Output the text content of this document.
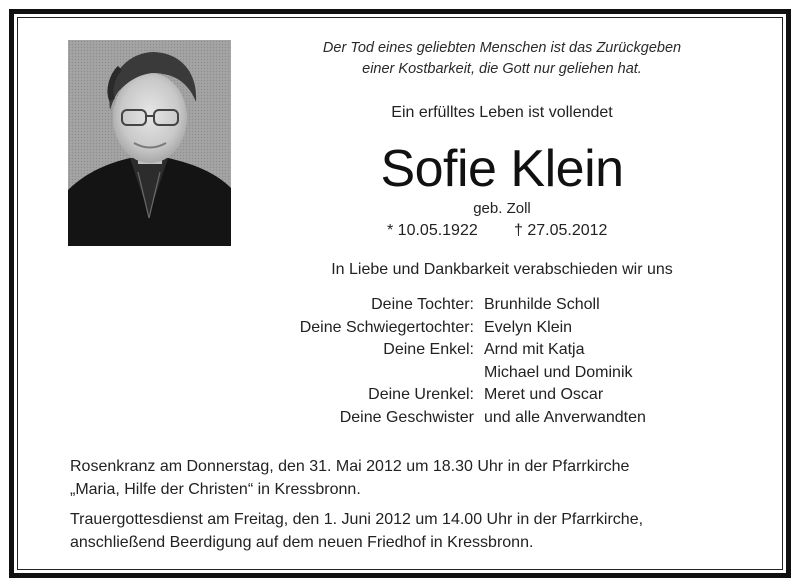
Der Tod eines geliebten Menschen ist das Zurückgeben
einer Kostbarkeit, die Gott nur geliehen hat.
Ein erfülltes Leben ist vollendet
Sofie Klein
geb. Zoll
* 10.05.1922 † 27.05.2012
In Liebe und Dankbarkeit verabschieden wir uns
Deine Tochter: Brunhilde Scholl
Deine Schwiegertochter: Evelyn Klein
Deine Enkel: Arnd mit Katja
Michael und Dominik
Deine Urenkel: Meret und Oscar
Deine Geschwister und alle Anverwandten
Rosenkranz am Donnerstag, den 31. Mai 2012 um 18.30 Uhr in der Pfarrkirche
„Maria, Hilfe der Christen“ in Kressbronn.
Trauergottesdienst am Freitag, den 1. Juni 2012 um 14.00 Uhr in der Pfarrkirche,
anschließend Beerdigung auf dem neuen Friedhof in Kressbronn.
